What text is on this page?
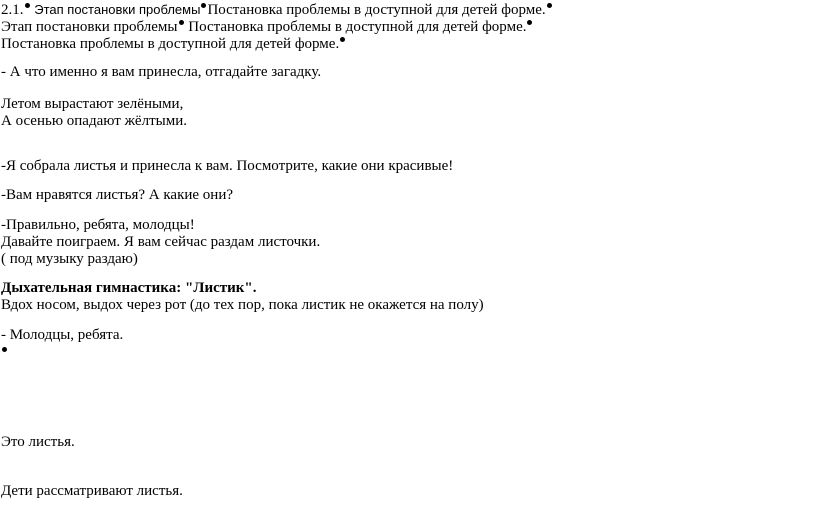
2.1. Этап постановки проблемы Постановка проблемы в доступной для детей форме.
Этап постановки проблемы Постановка проблемы в доступной для детей форме.
Постановка проблемы в доступной для детей форме.
- А что именно я вам принесла, отгадайте загадку.
Летом вырастают зелёными,
А осенью опадают жёлтыми.
-Я собрала листья и принесла к вам. Посмотрите, какие они красивые!
-Вам нравятся листья? А какие они?
-Правильно, ребята, молодцы!
Давайте поиграем. Я вам сейчас раздам листочки.
( под музыку раздаю)
Дыхательная гимнастика: "Листик".
Вдох носом, выдох через рот (до тех пор, пока листик не окажется на полу)
- Молодцы, ребята.
Это листья.
Дети рассматривают листья.
